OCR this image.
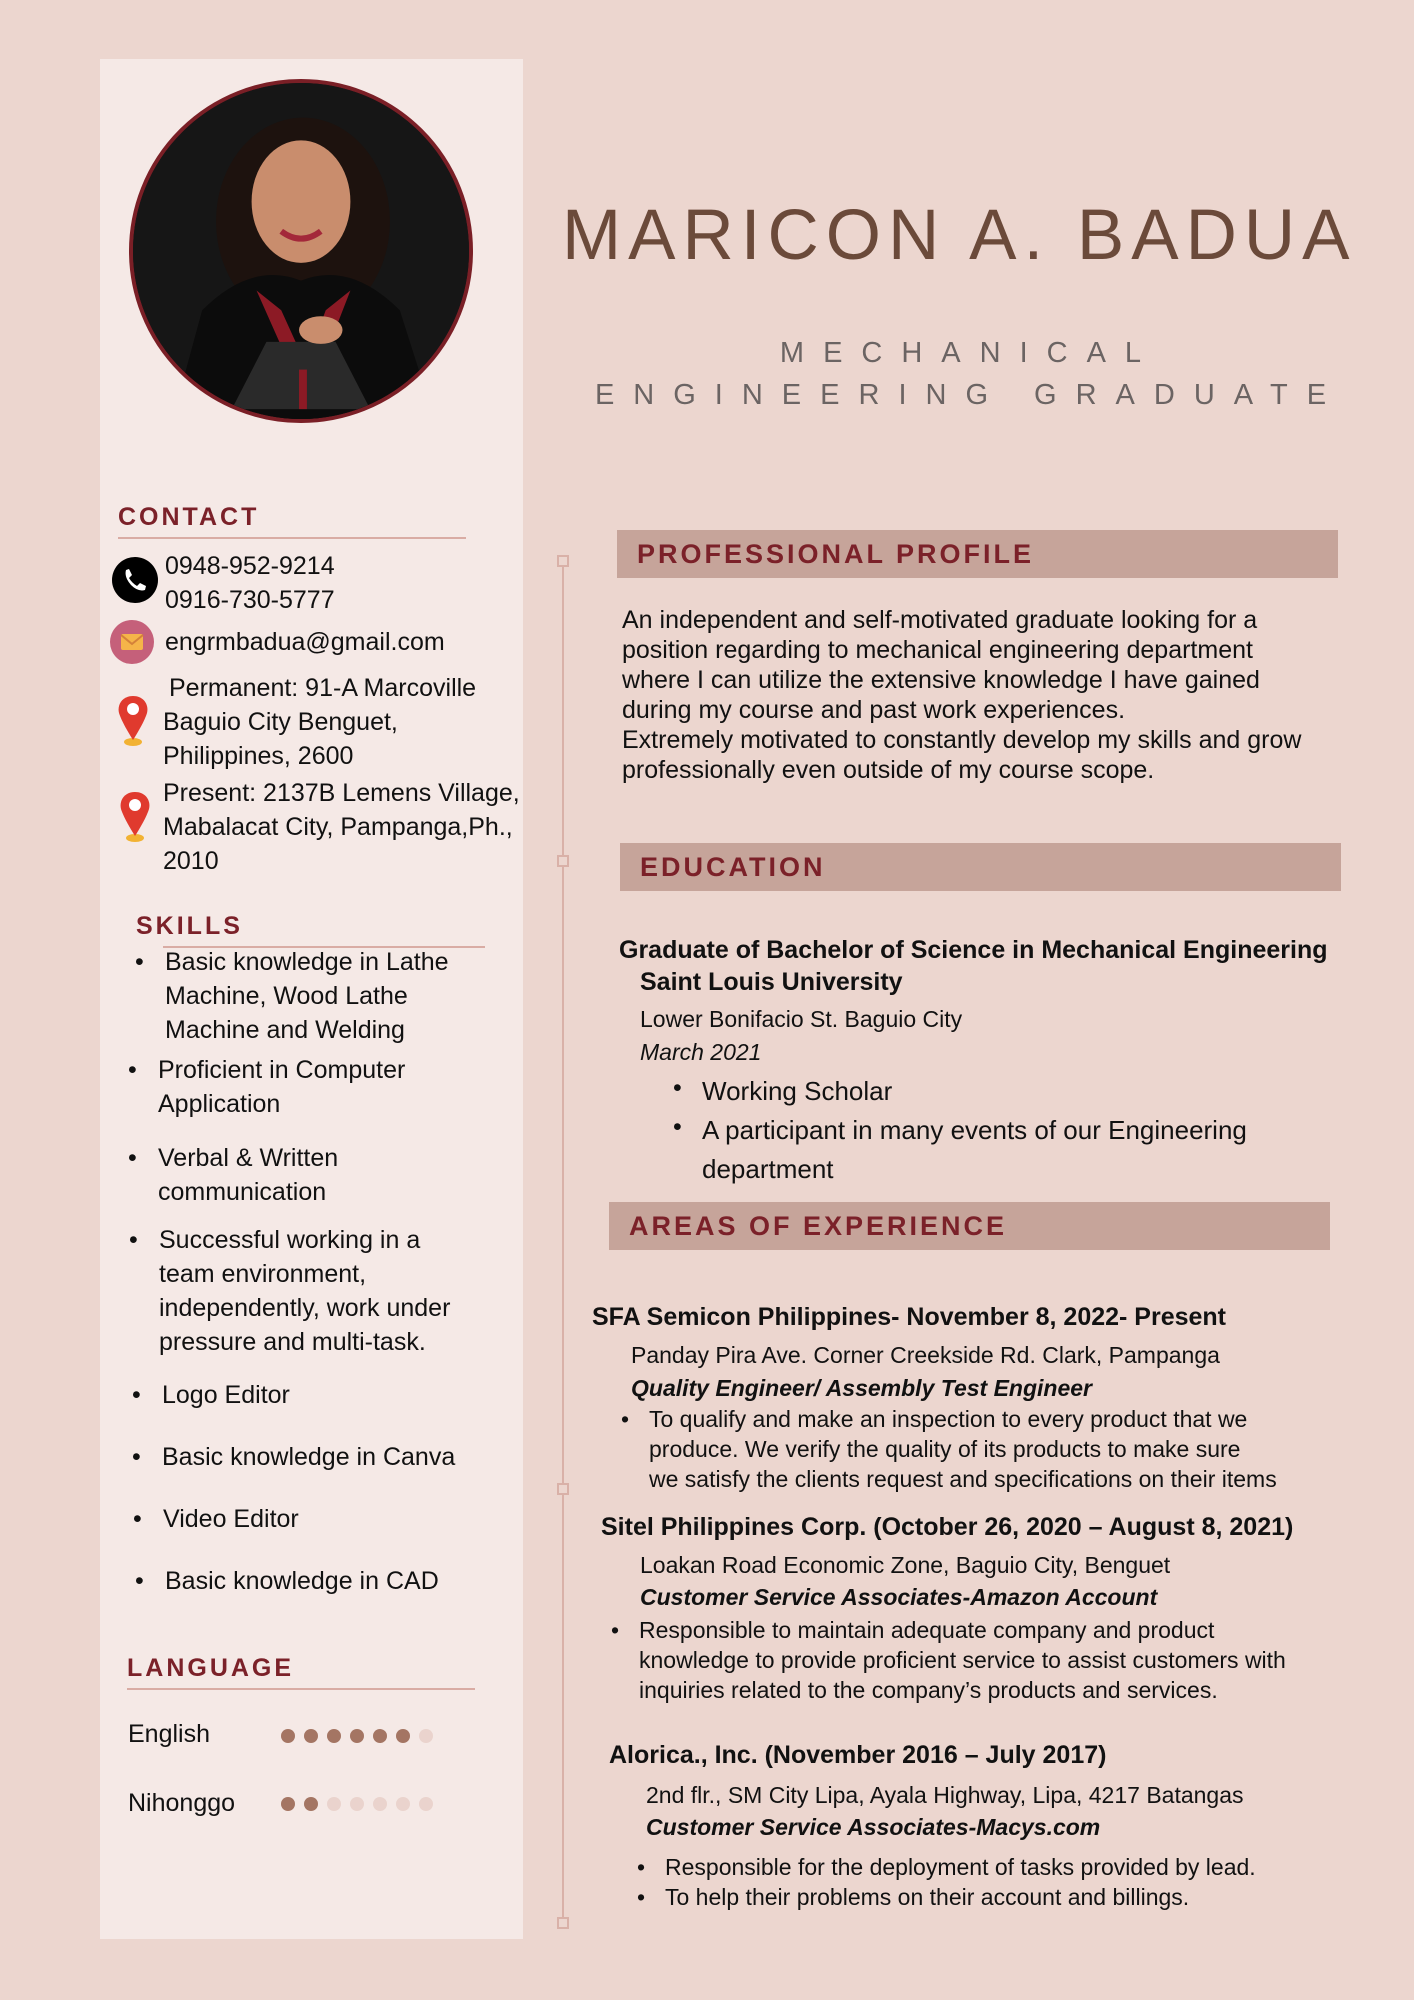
CONTACT
0948-952-9214
0916-730-5777
engrmbadua@gmail.com
Permanent: 91-A Marcoville
Baguio City Benguet,
Philippines, 2600
Present: 2137B Lemens Village,
Mabalacat City, Pampanga,Ph.,
2010
SKILLS
• Basic knowledge in Lathe
Machine, Wood Lathe
Machine and Welding
• Proficient in Computer
Application
• Verbal & Written
communication
• Successful working in a
team environment,
independently, work under
pressure and multi-task.
• Logo Editor
• Basic knowledge in Canva
• Video Editor
• Basic knowledge in CAD
LANGUAGE
English
Nihonggo
MARICON A. BADUA
MECHANICAL
ENGINEERING GRADUATE
PROFESSIONAL PROFILE
An independent and self-motivated graduate looking for a
position regarding to mechanical engineering department
where I can utilize the extensive knowledge I have gained
during my course and past work experiences.
Extremely motivated to constantly develop my skills and grow
professionally even outside of my course scope.
EDUCATION
Graduate of Bachelor of Science in Mechanical Engineering
Saint Louis University
Lower Bonifacio St. Baguio City
March 2021
• Working Scholar
• A participant in many events of our Engineering
department
AREAS OF EXPERIENCE
SFA Semicon Philippines- November 8, 2022- Present
Panday Pira Ave. Corner Creekside Rd. Clark, Pampanga
Quality Engineer/ Assembly Test Engineer
• To qualify and make an inspection to every product that we
produce. We verify the quality of its products to make sure
we satisfy the clients request and specifications on their items
Sitel Philippines Corp. (October 26, 2020 – August 8, 2021)
Loakan Road Economic Zone, Baguio City, Benguet
Customer Service Associates-Amazon Account
• Responsible to maintain adequate company and product
knowledge to provide proficient service to assist customers with
inquiries related to the company’s products and services.
Alorica., Inc. (November 2016 – July 2017)
2nd flr., SM City Lipa, Ayala Highway, Lipa, 4217 Batangas
Customer Service Associates-Macys.com
• Responsible for the deployment of tasks provided by lead.
• To help their problems on their account and billings.
